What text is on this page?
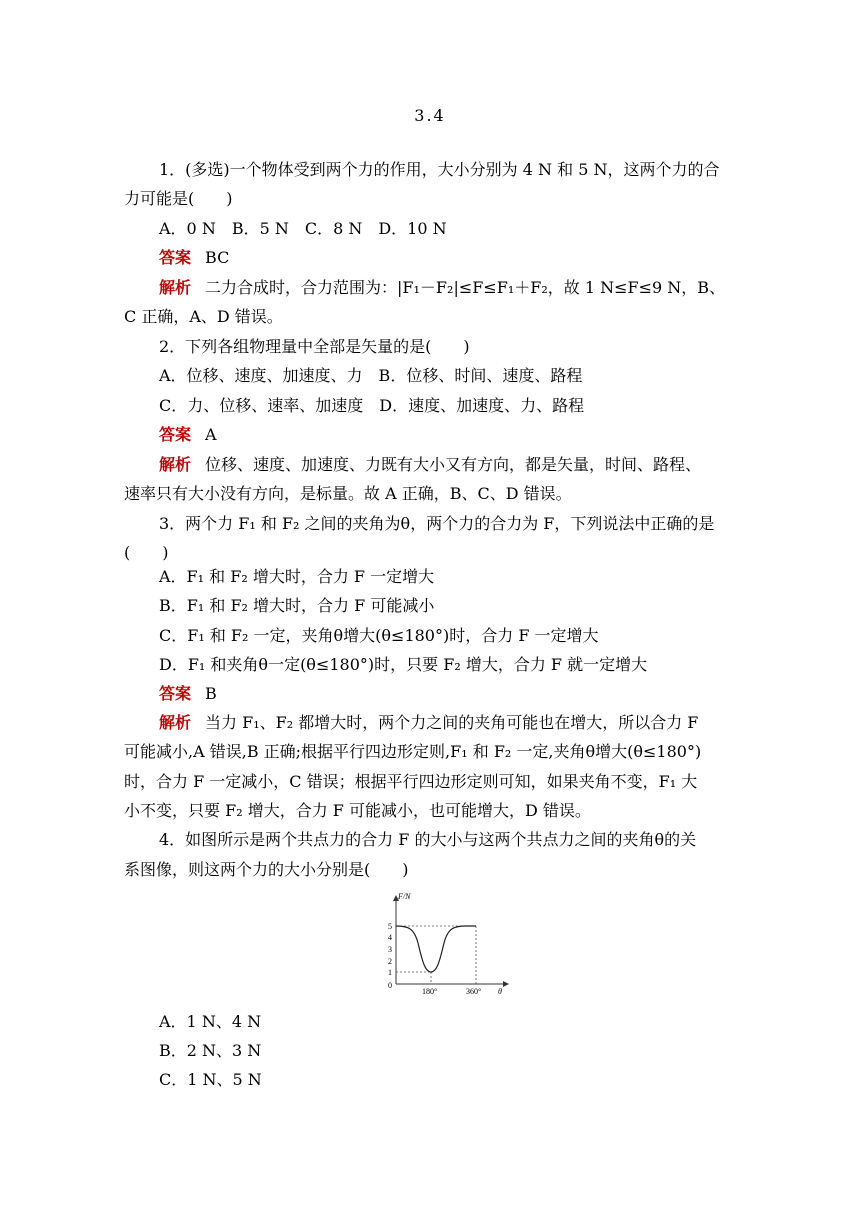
3.4
1．(多选)一个物体受到两个力的作用，大小分别为 4 N 和 5 N，这两个力的合
力可能是(　　)
A．0 N　B．5 N　C．8 N　D．10 N
答案 BC
解析 二力合成时，合力范围为：|F₁－F₂|≤F≤F₁＋F₂，故 1 N≤F≤9 N，B、
C 正确，A、D 错误。
2．下列各组物理量中全部是矢量的是(　　)
A．位移、速度、加速度、力　B．位移、时间、速度、路程
C．力、位移、速率、加速度　D．速度、加速度、力、路程
答案 A
解析 位移、速度、加速度、力既有大小又有方向，都是矢量，时间、路程、
速率只有大小没有方向，是标量。故 A 正确，B、C、D 错误。
3．两个力 F₁ 和 F₂ 之间的夹角为θ，两个力的合力为 F，下列说法中正确的是
(　　)
A．F₁ 和 F₂ 增大时，合力 F 一定增大
B．F₁ 和 F₂ 增大时，合力 F 可能减小
C．F₁ 和 F₂ 一定，夹角θ增大(θ≤180°)时，合力 F 一定增大
D．F₁ 和夹角θ一定(θ≤180°)时，只要 F₂ 增大，合力 F 就一定增大
答案 B
解析 当力 F₁、F₂ 都增大时，两个力之间的夹角可能也在增大，所以合力 F
可能减小,A 错误,B 正确;根据平行四边形定则,F₁ 和 F₂ 一定,夹角θ增大(θ≤180°)
时，合力 F 一定减小，C 错误；根据平行四边形定则可知，如果夹角不变，F₁ 大
小不变，只要 F₂ 增大，合力 F 可能减小，也可能增大，D 错误。
4．如图所示是两个共点力的合力 F 的大小与这两个共点力之间的夹角θ的关
系图像，则这两个力的大小分别是(　　)
F/N
5
4
3
2
1
0
180°	360° θ
A．1 N、4 N
B．2 N、3 N
C．1 N、5 N
